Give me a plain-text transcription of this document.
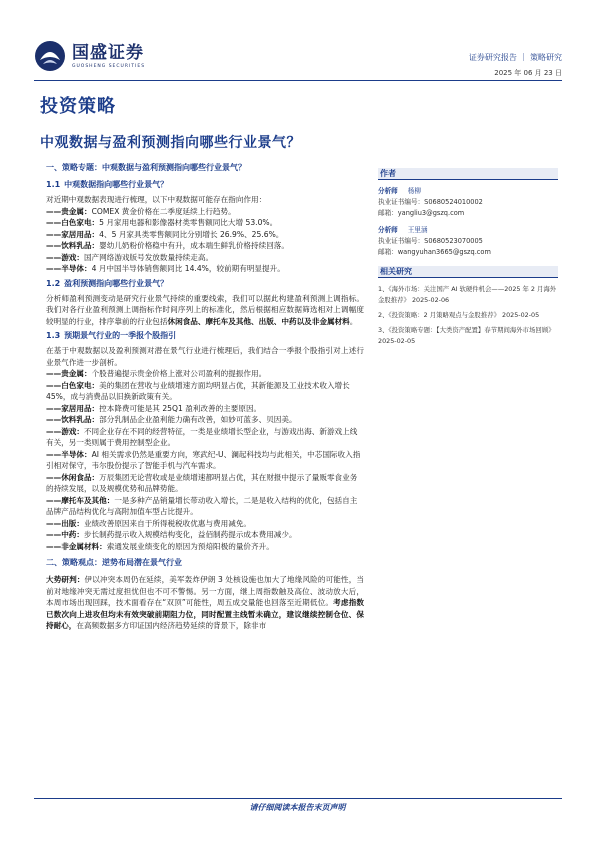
国盛证券
GUOSHENG SECURITIES
证券研究报告 ｜ 策略研究
2025 年 06 月 23 日
投资策略
中观数据与盈利预测指向哪些行业景气？
一、策略专题：中观数据与盈利预测指向哪些行业景气？
1.1 中观数据指向哪些行业景气？
对近期中观数据表现进行梳理，以下中观数据可能存在指向作用：
——贵金属：COMEX 黄金价格在二季度延续上行趋势。
——白色家电：5 月家用电器和影像器材类零售额同比大增 53.0%。
——家居用品：4、5 月家具类零售额同比分别增长 26.9%、25.6%。
——饮料乳品：婴幼儿奶粉价格稳中有升，成本端生鲜乳价格持续回落。
——游戏：国产网络游戏版号发放数量持续走高。
——半导体：4 月中国半导体销售额同比 14.4%，较前期有明显提升。
1.2 盈利预测指向哪些行业景气？
分析师盈利预测变动是研究行业景气持续的重要线索，我们可以据此构建盈利预测上调指标。我们对各行业盈利预测上调指标作时间序列上的标准化，然后根据相应数据筛选相对上调幅度较明显的行业，排序靠前的行业包括休闲食品、摩托车及其他、出版、中药以及非金属材料。
1.3 预期景气行业的一季报个股指引
在基于中观数据以及盈利预测对潜在景气行业进行梳理后，我们结合一季报个股指引对上述行业景气作进一步剖析。
——贵金属：个股普遍提示贵金价格上涨对公司盈利的提振作用。
——白色家电：美的集团在营收与业绩增速方面均明显占优，其新能源及工业技术收入增长 45%，成与消费品以旧换新政策有关。
——家居用品：控本降费可能是其 25Q1 盈利改善的主要原因。
——饮料乳品：部分乳制品企业盈利能力确有改善，如妙可蓝多、贝因美。
——游戏：不同企业存在不同的经营特征，一类是业绩增长型企业，与游戏出海、新游戏上线有关，另一类则属于费用控制型企业。
——半导体：AI 相关需求仍然是重要方向，寒武纪-U、澜起科技均与此相关，中芯国际收入指引相对保守，韦尔股份提示了智能手机与汽车需求。
——休闲食品：万辰集团无论营收或是业绩增速都明显占优，其在财报中提示了量贩零食业务的持续发展，以及规模优势和品牌势能。
——摩托车及其他：一是多种产品销量增长带动收入增长，二是是收入结构的优化，包括自主品牌产品结构优化与高附加值车型占比提升。
——出版：业绩改善原因来自于所得税税收优惠与费用减免。
——中药：步长制药提示收入规模结构变化，益佰制药提示成本费用减少。
——非金属材料：索通发展业绩变化的原因为预焙阳极的量价齐升。
二、策略观点：逆势布局潜在景气行业
大势研判：伊以冲突本周仍在延续，美军轰炸伊朗 3 处核设施也加大了地缘风险的可能性，当前对地缘冲突无需过度担忧但也不可不警惕。另一方面，继上周指数触及高位、波动放大后，本周市场出现回踩，技术面看存在“双顶”可能性，周五成交量能也回落至近期低位。考虑指数已数次向上进攻但均未有效突破前期阻力位，同时配置主线暂未确立，建议继续控制仓位、保持耐心，在高频数据多方印证国内经济趋势延续的背景下，除非市
作者
分析师 杨柳
执业证书编号：S0680524010002
邮箱：yangliu3@gszq.com
分析师 王里涵
执业证书编号：S0680523070005
邮箱：wangyuhan3665@gszq.com
相关研究
1、《海外市场：关注国产 AI 软硬件机会——2025 年 2 月海外金股推荐》 2025-02-06
2、《投资策略：2 月策略观点与金股推荐》 2025-02-05
3、《投资策略专题：【大类资产配置】春节期间海外市场回顾》 2025-02-05
请仔细阅读本报告末页声明
